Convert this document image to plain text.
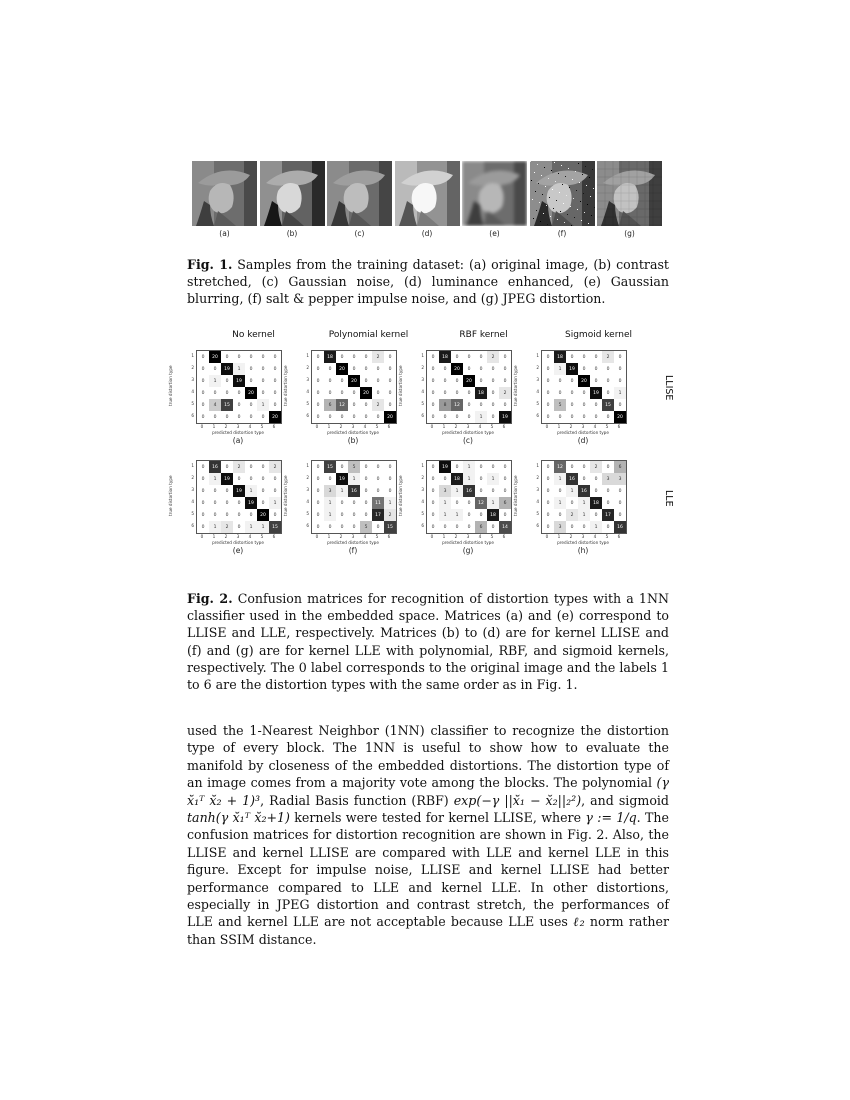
(a)	(b)	(c)	(d)	(e)	(f)	(g)
Fig. 1. Samples from the training dataset: (a) original image, (b) contrast stretched, (c) Gaussian noise, (d) luminance enhanced, (e) Gaussian blurring, (f) salt & pepper impulse noise, and (g) JPEG distortion.
No kernel	Polynomial kernel	RBF kernel	Sigmoid kernel
LLISE
LLE
0	20	0	0	0	0	0
0	0	19	1	0	0	0
0	1	0	19	0	0	0
0	0	0	0	20	0	0
0	4	15	0	0	1	0
0	0	0	0	0	0	20
1
2
3
4
5
6
0	1	2	3	4	5	6
predicted distortion type
true distortion type
(a)
0	18	0	0	0	2	0
0	0	20	0	0	0	0
0	0	0	20	0	0	0
0	0	0	0	20	0	0
0	6	12	0	0	2	0
0	0	0	0	0	0	20
1
2
3
4
5
6
0	1	2	3	4	5	6
predicted distortion type
true distortion type
(b)
0	18	0	0	0	2	0
0	0	20	0	0	0	0
0	0	0	20	0	0	0
0	0	0	0	18	0	2
0	8	12	0	0	0	0
0	0	0	0	1	0	19
1
2
3
4
5
6
0	1	2	3	4	5	6
predicted distortion type
true distortion type
(c)
0	18	0	0	0	2	0
0	1	19	0	0	0	0
0	0	0	20	0	0	0
0	0	0	0	19	0	1
0	5	0	0	0	15	0
0	0	0	0	0	0	20
1
2
3
4
5
6
0	1	2	3	4	5	6
predicted distortion type
true distortion type
(d)
0	16	0	2	0	0	2
0	1	19	0	0	0	0
0	0	0	19	1	0	0
0	0	0	0	19	0	1
0	0	0	0	0	20	0
0	1	2	0	1	1	15
1
2
3
4
5
6
0	1	2	3	4	5	6
predicted distortion type
true distortion type
(e)
0	15	0	5	0	0	0
0	0	19	1	0	0	0
0	3	1	16	0	0	0
0	1	0	0	0	11	1
0	1	0	0	0	17	2
0	0	0	0	5	0	15
1
2
3
4
5
6
0	1	2	3	4	5	6
predicted distortion type
true distortion type
(f)
0	19	0	1	0	0	0
0	0	18	1	0	1	0
0	3	1	16	0	0	0
0	1	0	0	12	1	6
0	1	1	0	0	18	0
0	0	0	0	6	0	14
1
2
3
4
5
6
0	1	2	3	4	5	6
predicted distortion type
true distortion type
(g)
0	12	0	0	2	0	6
0	1	16	0	0	3	3
0	0	1	16	0	0	0
0	1	0	1	18	0	0
0	0	2	1	0	17	0
0	3	0	0	1	0	16
1
2
3
4
5
6
0	1	2	3	4	5	6
predicted distortion type
true distortion type
(h)
Fig. 2. Confusion matrices for recognition of distortion types with a 1NN classifier used in the embedded space. Matrices (a) and (e) correspond to LLISE and LLE, respectively. Matrices (b) to (d) are for kernel LLISE and (f) and (g) are for kernel LLE with polynomial, RBF, and sigmoid kernels, respectively. The 0 label corresponds to the original image and the labels 1 to 6 are the distortion types with the same order as in Fig. 1.

used the 1-Nearest Neighbor (1NN) classifier to recognize the distortion type of every block. The 1NN is useful to show how to evaluate the manifold by closeness of the embedded distortions. The distortion type of an image comes from a majority vote among the blocks. The polynomial (γ x̆₁ᵀ x̆₂ + 1)³, Radial Basis function (RBF) exp(−γ ||x̆₁ − x̆₂||₂²), and sigmoid tanh(γ x̆₁ᵀ x̆₂+1) kernels were tested for kernel LLISE, where γ := 1/q. The confusion matrices for distortion recognition are shown in Fig. 2. Also, the LLISE and kernel LLISE are compared with LLE and kernel LLE in this figure. Except for impulse noise, LLISE and kernel LLISE had better performance compared to LLE and kernel LLE. In other distortions, especially in JPEG distortion and contrast stretch, the performances of LLE and kernel LLE are not acceptable because LLE uses ℓ₂ norm rather than SSIM distance.
